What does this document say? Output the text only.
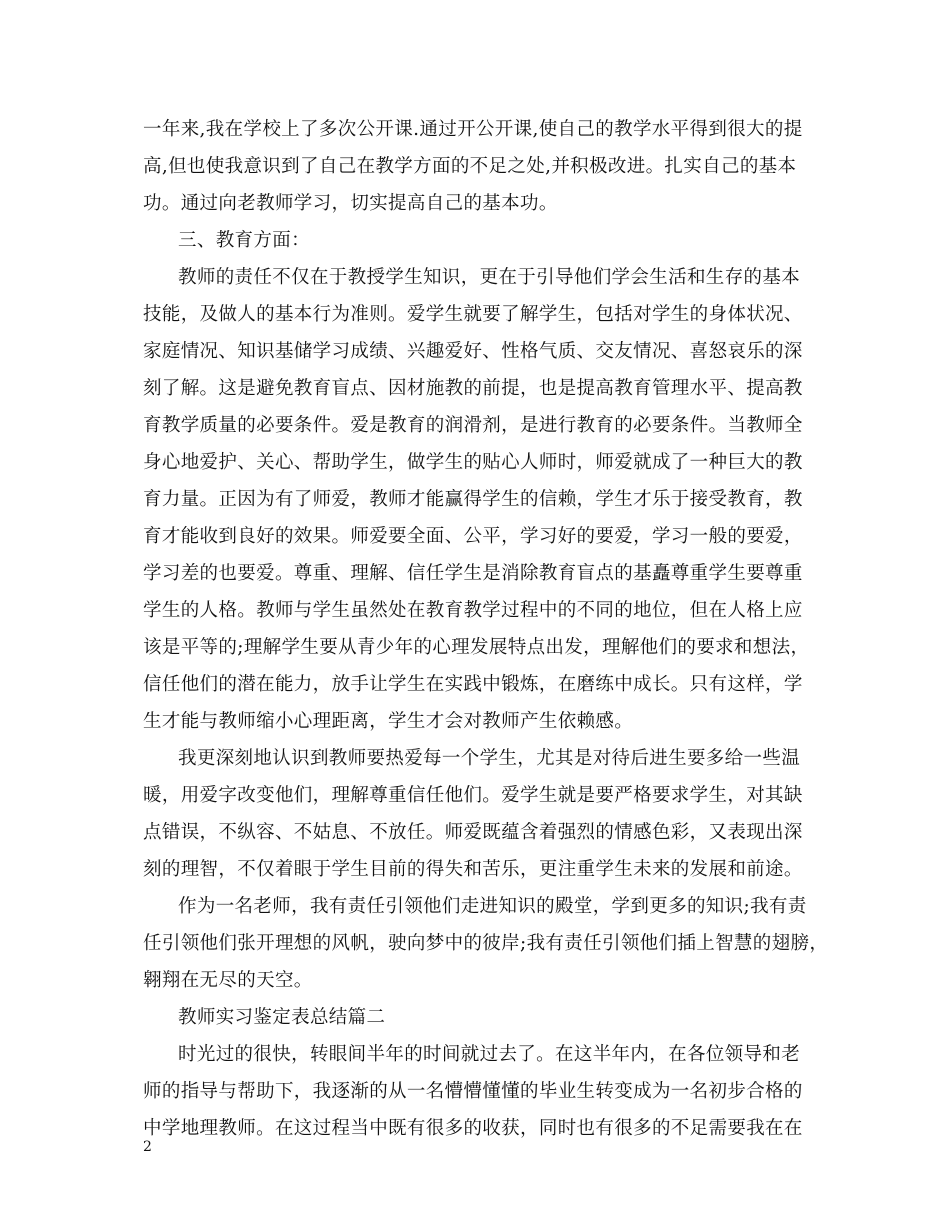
一年来,我在学校上了多次公开课.通过开公开课,使自己的教学水平得到很大的提
高,但也使我意识到了自己在教学方面的不足之处,并积极改进。扎实自己的基本
功。通过向老教师学习，切实提高自己的基本功。
三、教育方面：
教师的责任不仅在于教授学生知识，更在于引导他们学会生活和生存的基本
技能，及做人的基本行为准则。爱学生就要了解学生，包括对学生的身体状况、
家庭情况、知识基储学习成绩、兴趣爱好、性格气质、交友情况、喜怒哀乐的深
刻了解。这是避免教育盲点、因材施教的前提，也是提高教育管理水平、提高教
育教学质量的必要条件。爱是教育的润滑剂，是进行教育的必要条件。当教师全
身心地爱护、关心、帮助学生，做学生的贴心人师时，师爱就成了一种巨大的教
育力量。正因为有了师爱，教师才能赢得学生的信赖，学生才乐于接受教育，教
育才能收到良好的效果。师爱要全面、公平，学习好的要爱，学习一般的要爱，
学习差的也要爱。尊重、理解、信任学生是消除教育盲点的基矗尊重学生要尊重
学生的人格。教师与学生虽然处在教育教学过程中的不同的地位，但在人格上应
该是平等的;理解学生要从青少年的心理发展特点出发，理解他们的要求和想法，
信任他们的潜在能力，放手让学生在实践中锻炼，在磨练中成长。只有这样，学
生才能与教师缩小心理距离，学生才会对教师产生依赖感。
我更深刻地认识到教师要热爱每一个学生，尤其是对待后进生要多给一些温
暖，用爱字改变他们，理解尊重信任他们。爱学生就是要严格要求学生，对其缺
点错误，不纵容、不姑息、不放任。师爱既蕴含着强烈的情感色彩，又表现出深
刻的理智，不仅着眼于学生目前的得失和苦乐，更注重学生未来的发展和前途。
作为一名老师，我有责任引领他们走进知识的殿堂，学到更多的知识;我有责
任引领他们张开理想的风帆，驶向梦中的彼岸;我有责任引领他们插上智慧的翅膀，
翱翔在无尽的天空。
教师实习鉴定表总结篇二
时光过的很快，转眼间半年的时间就过去了。在这半年内，在各位领导和老
师的指导与帮助下，我逐渐的从一名懵懵懂懂的毕业生转变成为一名初步合格的
中学地理教师。在这过程当中既有很多的收获，同时也有很多的不足需要我在在
2
